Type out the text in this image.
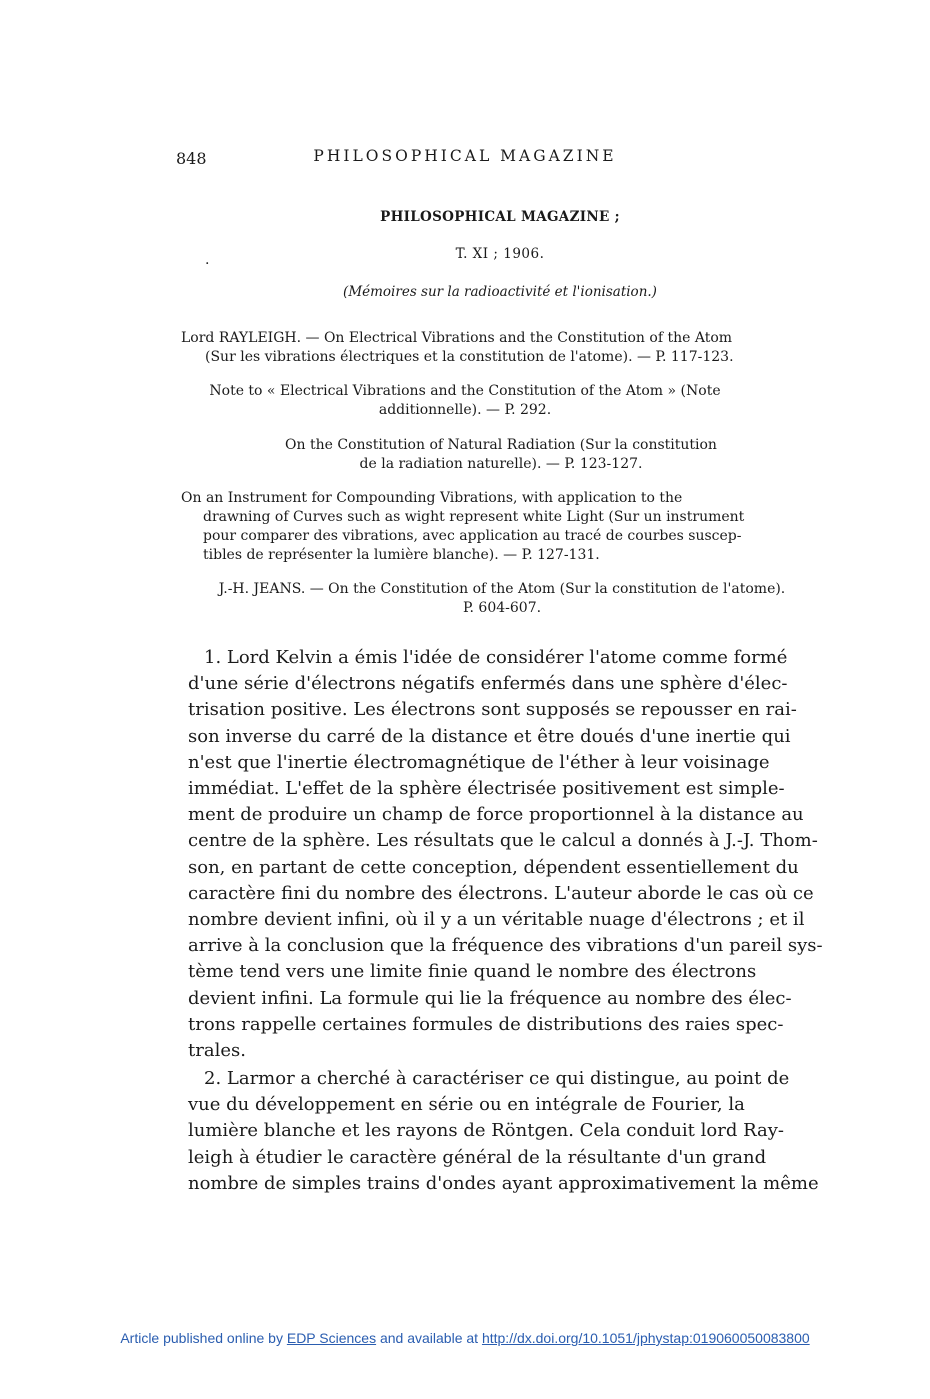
848	PHILOSOPHICAL MAGAZINE
PHILOSOPHICAL MAGAZINE ;
.	T. XI ; 1906.
(Mémoires sur la radioactivité et l'ionisation.)
Lord RAYLEIGH. — On Electrical Vibrations and the Constitution of the Atom
(Sur les vibrations électriques et la constitution de l'atome). — P. 117-123.
Note to « Electrical Vibrations and the Constitution of the Atom » (Note
additionnelle). — P. 292.
On the Constitution of Natural Radiation (Sur la constitution
de la radiation naturelle). — P. 123-127.
On an Instrument for Compounding Vibrations, with application to the
drawning of Curves such as wight represent white Light (Sur un instrument
pour comparer des vibrations, avec application au tracé de courbes suscep-
tibles de représenter la lumière blanche). — P. 127-131.
J.-H. JEANS. — On the Constitution of the Atom (Sur la constitution de l'atome).
P. 604-607.
1. Lord Kelvin a émis l'idée de considérer l'atome comme formé
d'une série d'électrons négatifs enfermés dans une sphère d'élec-
trisation positive. Les électrons sont supposés se repousser en rai-
son inverse du carré de la distance et être doués d'une inertie qui
n'est que l'inertie électromagnétique de l'éther à leur voisinage
immédiat. L'effet de la sphère électrisée positivement est simple-
ment de produire un champ de force proportionnel à la distance au
centre de la sphère. Les résultats que le calcul a donnés à J.-J. Thom-
son, en partant de cette conception, dépendent essentiellement du
caractère fini du nombre des électrons. L'auteur aborde le cas où ce
nombre devient infini, où il y a un véritable nuage d'électrons ; et il
arrive à la conclusion que la fréquence des vibrations d'un pareil sys-
tème tend vers une limite finie quand le nombre des électrons
devient infini. La formule qui lie la fréquence au nombre des élec-
trons rappelle certaines formules de distributions des raies spec-
trales.
2. Larmor a cherché à caractériser ce qui distingue, au point de
vue du développement en série ou en intégrale de Fourier, la
lumière blanche et les rayons de Röntgen. Cela conduit lord Ray-
leigh à étudier le caractère général de la résultante d'un grand
nombre de simples trains d'ondes ayant approximativement la même
Article published online by EDP Sciences and available at http://dx.doi.org/10.1051/jphystap:019060050083800
